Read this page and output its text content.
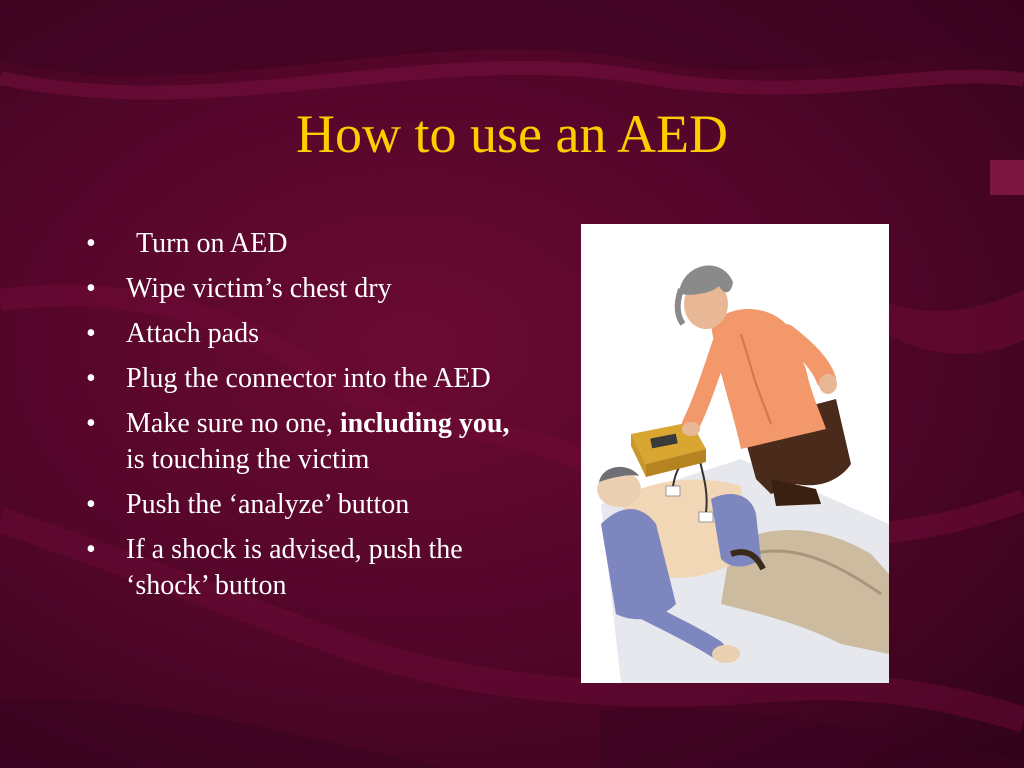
How to use an AED
•	Turn on AED
•	Wipe victim’s chest dry
•	Attach pads
•	Plug the connector into the AED
•	Make sure no one, including you, is touching the victim
•	Push the ‘analyze’ button
•	If a shock is advised, push the ‘shock’ button
